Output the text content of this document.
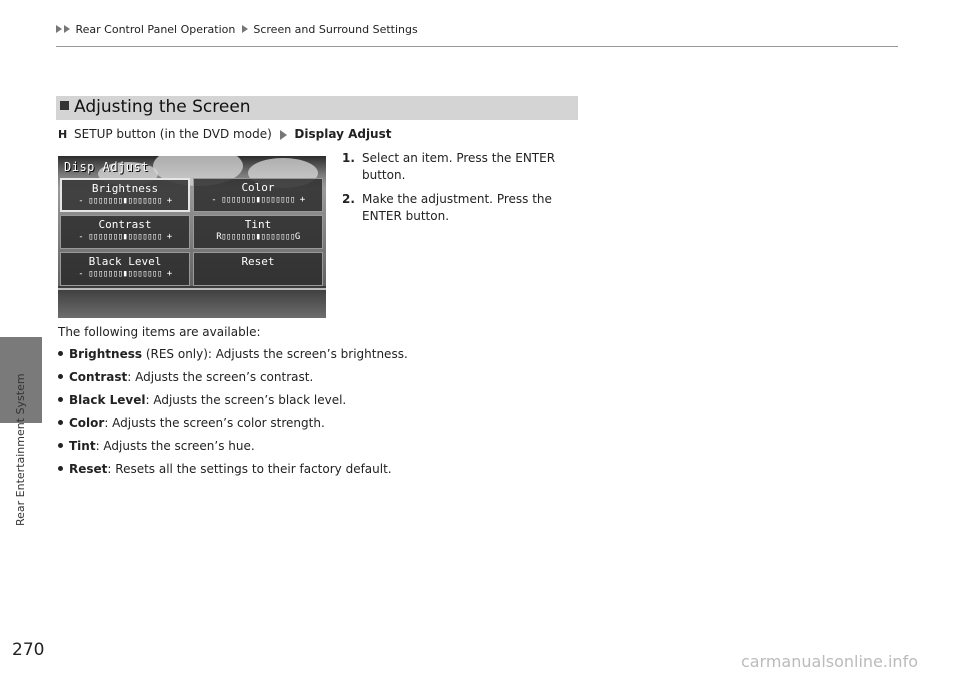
Rear Entertainment System
270
Rear Control Panel Operation Screen and Surround Settings
Adjusting the Screen
H SETUP button (in the DVD mode) Display Adjust
Disp Adjust
Brightness
- ▯▯▯▯▯▯▯▮▯▯▯▯▯▯▯ +
Color
- ▯▯▯▯▯▯▯▮▯▯▯▯▯▯▯ +
Contrast
- ▯▯▯▯▯▯▯▮▯▯▯▯▯▯▯ +
Tint
R▯▯▯▯▯▯▯▮▯▯▯▯▯▯▯G
Black Level
- ▯▯▯▯▯▯▯▮▯▯▯▯▯▯▯ +
Reset
1. Select an item. Press the ENTER button.
2. Make the adjustment. Press the ENTER button.
The following items are available:
Brightness (RES only): Adjusts the screen’s brightness.
Contrast: Adjusts the screen’s contrast.
Black Level: Adjusts the screen’s black level.
Color: Adjusts the screen’s color strength.
Tint: Adjusts the screen’s hue.
Reset: Resets all the settings to their factory default.
carmanualsonline.info
